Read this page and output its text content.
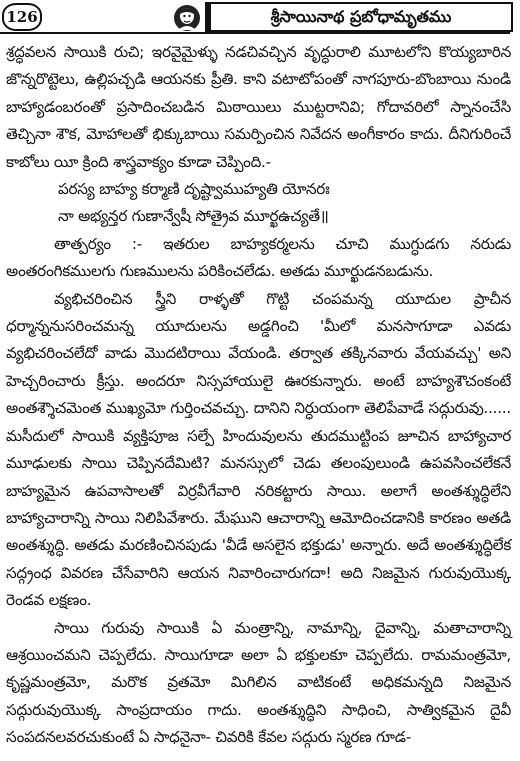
126	శ్రీసాయినాథ ప్రబోధామృతము

శ్రద్ధవలన సాయికి రుచి; ఇరవైమైళ్ళు నడచివచ్చిన వృద్ధురాలి మూటలోని కొయ్యబారిన జొన్నరొట్టెలు, ఉల్లిపచ్చడి ఆయనకు ప్రీతి. కాని వటాటోపంతో నాగపూరు-బొంబాయి నుండి బాహ్యాడంబరంతో ప్రసాదించబడిన మిఠాయిలు ముట్టరానివి; గోదావరిలో స్నానంచేసి తెచ్చినా శౌక, మోహాలతో భిక్కుబాయి సమర్పించిన నివేదన అంగీకారం కాదు. దీనిగురించే కాబోలు యీ క్రింది శాస్త్రవాక్యం కూడా చెప్పింది.-

పరస్య బాహ్య కర్మాణి దృష్ట్వాముహ్యతి యోనరః

నా అభ్యన్తర గుణాన్వేషీ సోత్రైవ మూర్ఖఉచ్యతే॥

తాత్పర్యం :- ఇతరుల బాహ్యకర్మలను చూచి ముగ్ధుడగు నరుడు అంతరంగికములగు గుణములను పరికించలేడు. అతడు మూర్ఖుడనబడును.

వ్యభిచరించిన స్త్రీని రాళ్ళతో గొట్టి చంపమన్న యూదుల ప్రాచీన ధర్మాన్ననుసరించమన్న యూదులను అడ్డగించి 'మీలో మనసాగూడా ఎవడు వ్యభిచరించలేదో వాడు మొదటిరాయి వేయండి. తర్వాత తక్కినవారు వేయవచ్చు' అని హెచ్చరించారు క్రీస్తు. అందరూ నిస్సహాయులై ఊరకున్నారు. అంటే బాహ్యశౌచంకంటే అంతశ్శౌచమెంత ముఖ్యమో గుర్తించవచ్చు. దానిని నిర్ధుయంగా తెలిపేవాడే సద్గురువు...... మసీదులో సాయికి వ్యక్తిపూజ సల్పే హిందువులను తుదముట్టింప జూచిన బాహ్యాచార మూఢులకు సాయి చెప్పినదేమిటి? మనస్సులో చెడు తలంపులుండి ఉపవసించలేకనే బాహ్యమైన ఉపవాసాలతో విర్రవీగేవారి నరికట్టారు సాయి. అలాగే అంతశ్శుద్ధిలేని బాహ్యాచారాన్ని సాయి నిలిపివేశారు. మేఘుని ఆచారాన్ని ఆమోదించడానికి కారణం అతడి అంతశ్శుద్ధి. అతడు మరణించినపుడు 'వీడే అసలైన భక్తుడు' అన్నారు. అదే అంతశ్శుద్ధిలేక సద్గ్రంధ వివరణ చేసేవారిని ఆయన నివారించారుగదా! అది నిజమైన గురువుయొక్క రెండవ లక్షణం.

సాయి గురువు సాయికి ఏ మంత్రాన్ని, నామాన్ని, దైవాన్ని, మతాచారాన్ని ఆశ్రయించమని చెప్పలేదు. సాయిగూడా అలా ఏ భక్తులకూ చెప్పలేదు. రామమంత్రమో, కృష్ణమంత్రమో, మరొక వ్రతమో మిగిలిన వాటికంటే అధికమన్నది నిజమైన సద్గురువుయొక్క సాంప్రదాయం గాదు. అంతశ్శుద్ధిని సాధించి, సాత్వికమైన దైవీ సంపదనలవరచుకుంటే ఏ సాధనైనా- చివరికి కేవల సద్గురు స్మరణ గూడ-
